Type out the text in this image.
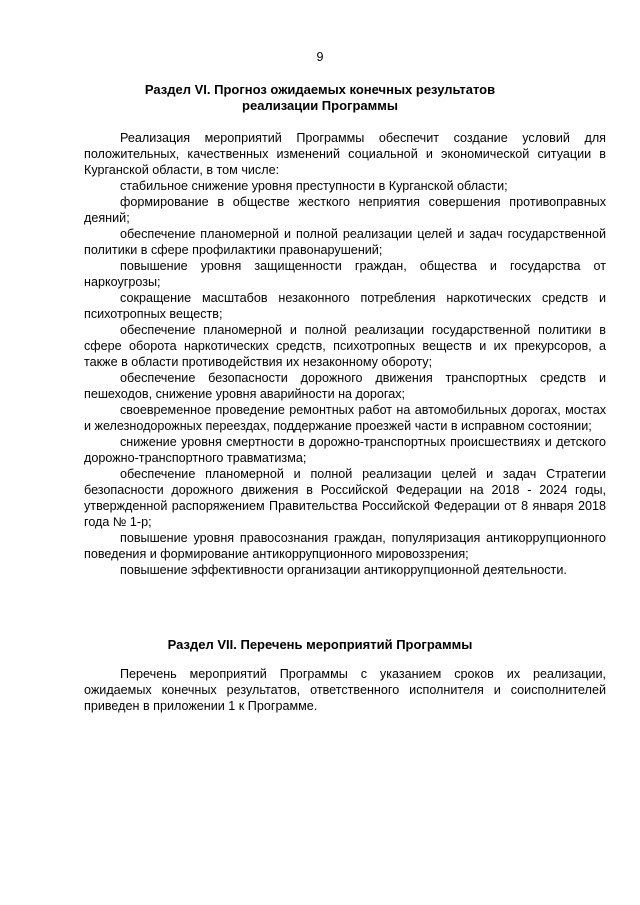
9
Раздел VI. Прогноз ожидаемых конечных результатов
реализации Программы

Реализация мероприятий Программы обеспечит создание условий для положительных, качественных изменений социальной и экономической ситуации в Курганской области, в том числе:

стабильное снижение уровня преступности в Курганской области;

формирование в обществе жесткого неприятия совершения противоправных деяний;

обеспечение планомерной и полной реализации целей и задач государственной политики в сфере профилактики правонарушений;

повышение уровня защищенности граждан, общества и государства от наркоугрозы;

сокращение масштабов незаконного потребления наркотических средств и психотропных веществ;

обеспечение планомерной и полной реализации государственной политики в сфере оборота наркотических средств, психотропных веществ и их прекурсоров, а также в области противодействия их незаконному обороту;

обеспечение безопасности дорожного движения транспортных средств и пешеходов, снижение уровня аварийности на дорогах;

своевременное проведение ремонтных работ на автомобильных дорогах, мостах и железнодорожных переездах, поддержание проезжей части в исправном состоянии;

снижение уровня смертности в дорожно-транспортных происшествиях и детского дорожно-транспортного травматизма;

обеспечение планомерной и полной реализации целей и задач Стратегии безопасности дорожного движения в Российской Федерации на 2018 - 2024 годы, утвержденной распоряжением Правительства Российской Федерации от 8 января 2018 года № 1-р;

повышение уровня правосознания граждан, популяризация антикоррупционного поведения и формирование антикоррупционного мировоззрения;

повышение эффективности организации антикоррупционной деятельности.

Раздел VII. Перечень мероприятий Программы

Перечень мероприятий Программы с указанием сроков их реализации, ожидаемых конечных результатов, ответственного исполнителя и соисполнителей приведен в приложении 1 к Программе.
